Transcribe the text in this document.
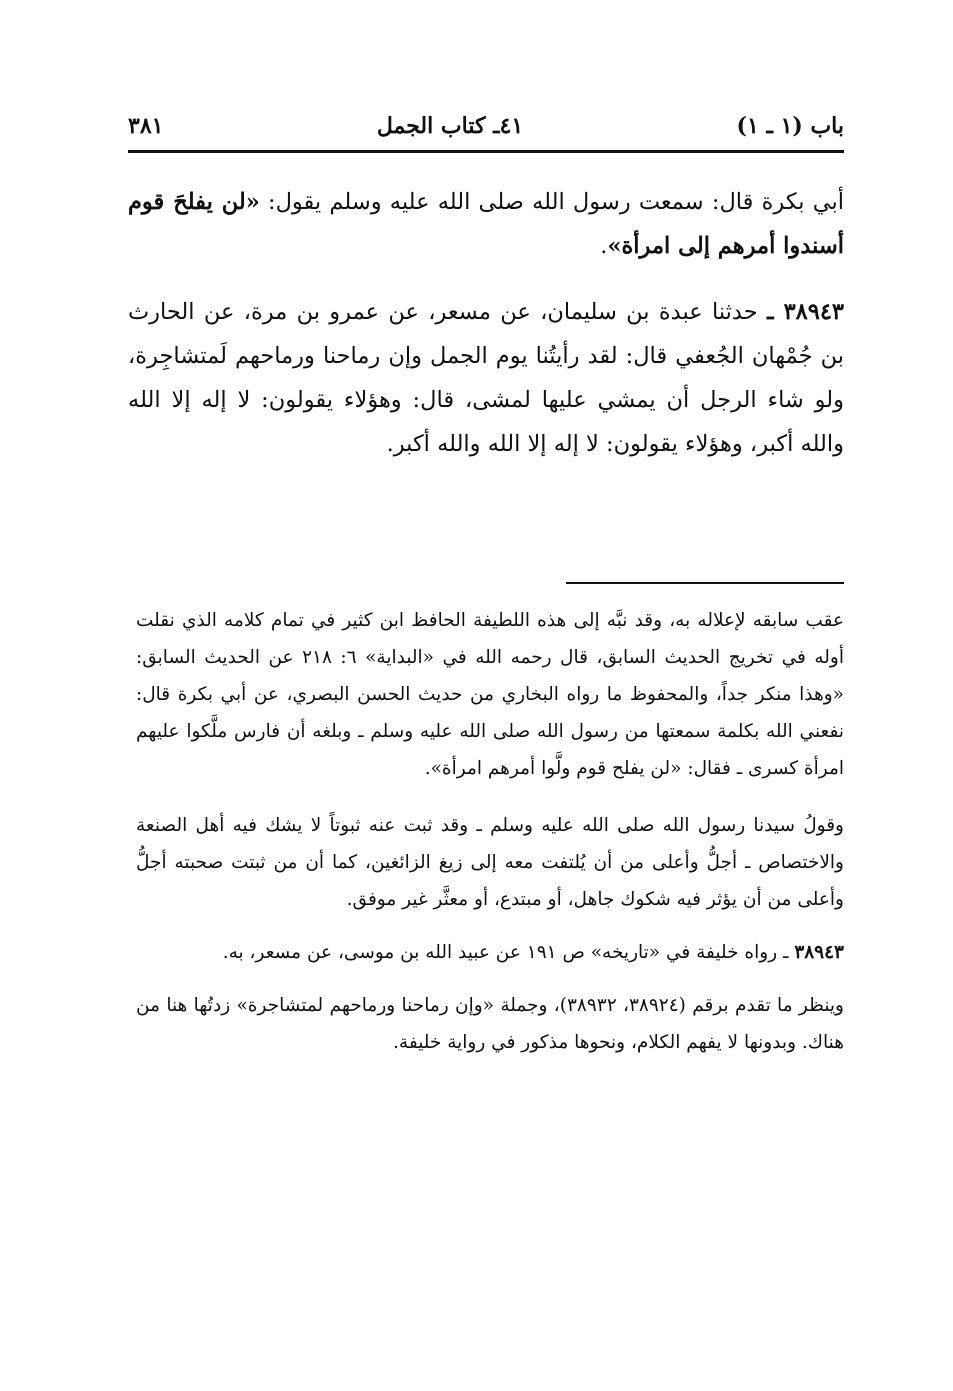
باب (١ ـ ١)
٤١ـ كتاب الجمل
٣٨١

أبي بكرة قال: سمعت رسول الله صلى الله عليه وسلم يقول: «لن يفلحَ قوم أسندوا أمرهم إلى امرأة».

٣٨٩٤٣ ـ حدثنا عبدة بن سليمان، عن مسعر، عن عمرو بن مرة، عن الحارث بن جُمْهان الجُعفي قال: لقد رأيتُنا يوم الجمل وإن رماحنا ورماحهم لَمتشاجِرة، ولو شاء الرجل أن يمشي عليها لمشى، قال: وهؤلاء يقولون: لا إله إلا الله والله أكبر، وهؤلاء يقولون: لا إله إلا الله والله أكبر.

عقب سابقه لإعلاله به، وقد نبَّه إلى هذه اللطيفة الحافظ ابن كثير في تمام كلامه الذي نقلت أوله في تخريج الحديث السابق، قال رحمه الله في «البداية» ٦: ٢١٨ عن الحديث السابق: «وهذا منكر جداً، والمحفوظ ما رواه البخاري من حديث الحسن البصري، عن أبي بكرة قال: نفعني الله بكلمة سمعتها من رسول الله صلى الله عليه وسلم ـ وبلغه أن فارس ملَّكوا عليهم امرأة كسرى ـ فقال: «لن يفلح قوم ولَّوا أمرهم امرأة».

وقولُ سيدنا رسول الله صلى الله عليه وسلم ـ وقد ثبت عنه ثبوتاً لا يشك فيه أهل الصنعة والاختصاص ـ أجلُّ وأعلى من أن يُلتفت معه إلى زيغ الزائغين، كما أن من ثبتت صحبته أجلُّ وأعلى من أن يؤثر فيه شكوك جاهل، أو مبتدع، أو معثَّر غير موفق.

٣٨٩٤٣ ـ رواه خليفة في «تاريخه» ص ١٩١ عن عبيد الله بن موسى، عن مسعر، به.

وينظر ما تقدم برقم (٣٨٩٢٤، ٣٨٩٣٢)، وجملة «وإن رماحنا ورماحهم لمتشاجرة» زدتُها هنا من هناك. وبدونها لا يفهم الكلام، ونحوها مذكور في رواية خليفة.
